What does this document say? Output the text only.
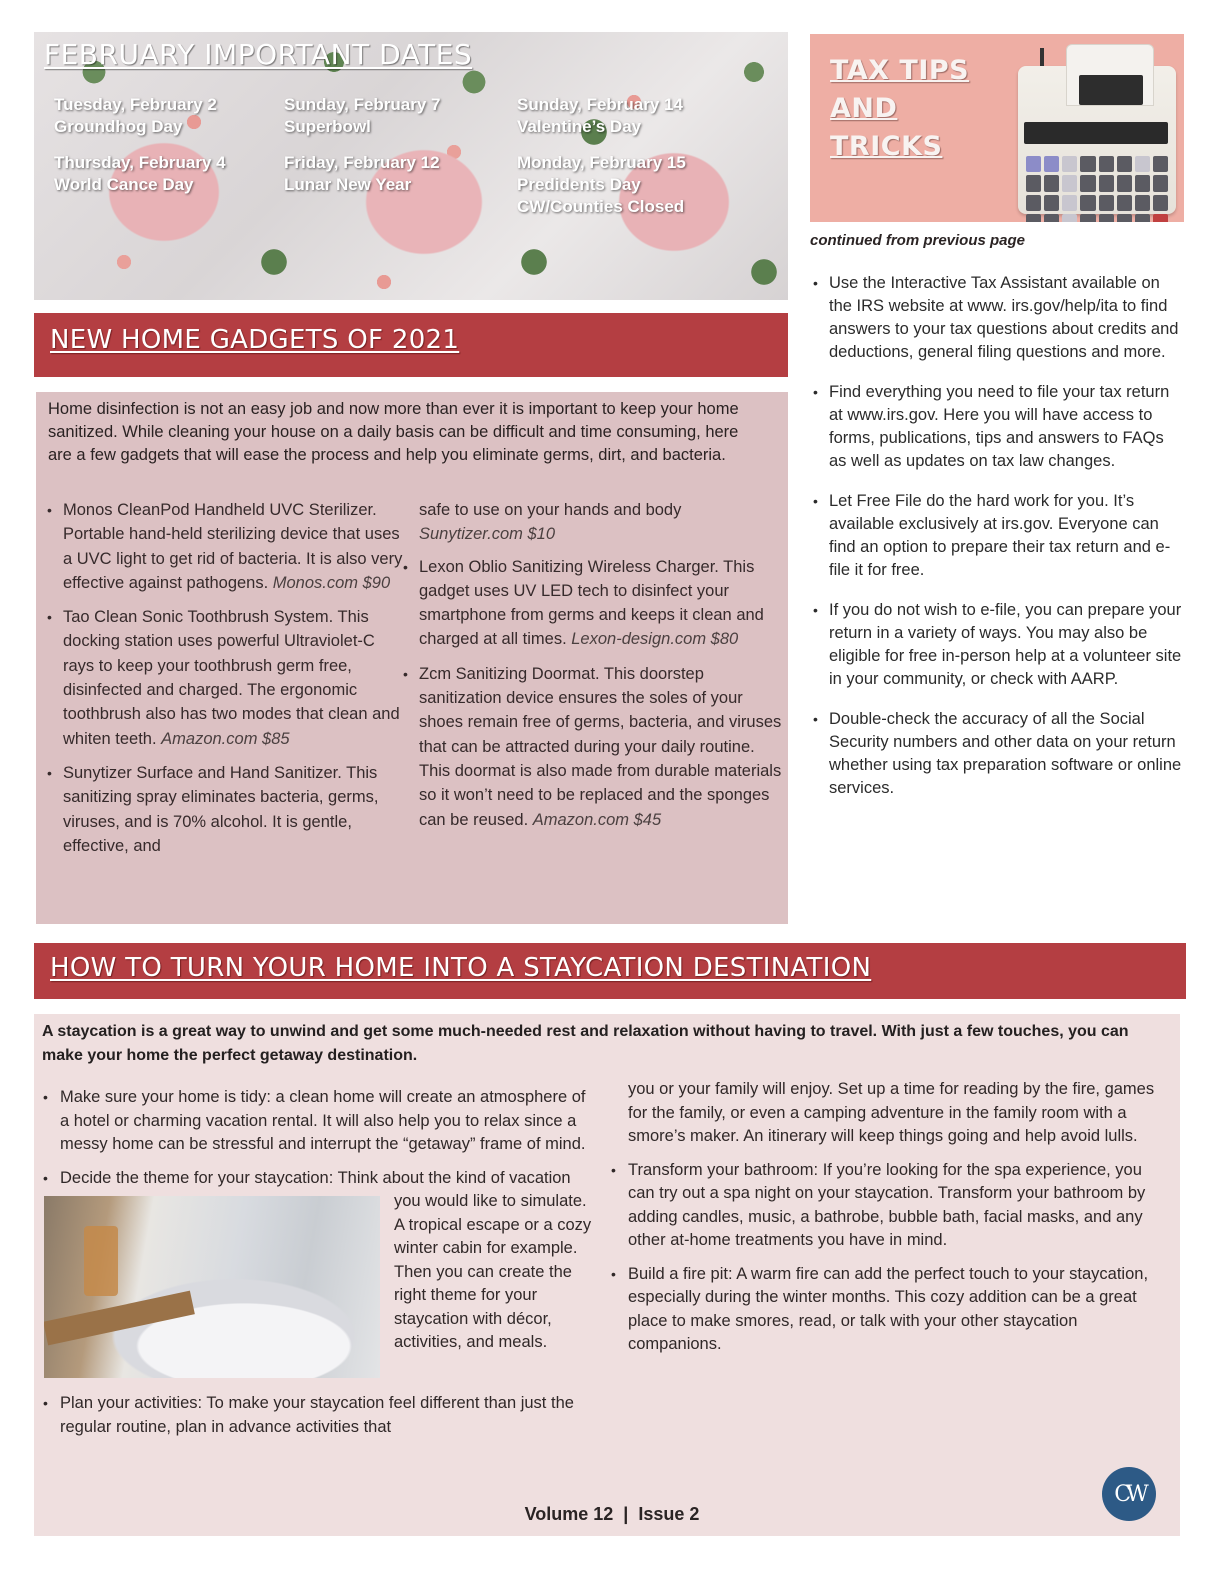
FEBRUARY IMPORTANT DATES
Tuesday, February 2
Groundhog Day
Sunday, February 7
Superbowl
Sunday, February 14
Valentine’s Day
Thursday, February 4
World Cance Day
Friday, February 12
Lunar New Year
Monday, February 15
Predidents Day
CW/Counties Closed
TAX TIPS
AND
TRICKS
continued from previous page
• Use the Interactive Tax Assistant available on the IRS website at www. irs.gov/help/ita to find answers to your tax questions about credits and deductions, general filing questions and more.
• Find everything you need to file your tax return at www.irs.gov. Here you will have access to forms, publications, tips and answers to FAQs as well as updates on tax law changes.
• Let Free File do the hard work for you. It’s available exclusively at irs.gov. Everyone can find an option to prepare their tax return and e-file it for free.
• If you do not wish to e-file, you can prepare your return in a variety of ways. You may also be eligible for free in-person help at a volunteer site in your community, or check with AARP.
• Double-check the accuracy of all the Social Security numbers and other data on your return whether using tax preparation software or online services.
NEW HOME GADGETS OF 2021

Home disinfection is not an easy job and now more than ever it is important to keep your home sanitized. While cleaning your house on a daily basis can be difficult and time consuming, here are a few gadgets that will ease the process and help you eliminate germs, dirt, and bacteria.

• Monos CleanPod Handheld UVC Sterilizer. Portable hand-held sterilizing device that uses a UVC light to get rid of bacteria. It is also very effective against pathogens. Monos.com $90
• Tao Clean Sonic Toothbrush System. This docking station uses powerful Ultraviolet-C rays to keep your toothbrush germ free, disinfected and charged. The ergonomic toothbrush also has two modes that clean and whiten teeth. Amazon.com $85
• Sunytizer Surface and Hand Sanitizer. This sanitizing spray eliminates bacteria, germs, viruses, and is 70% alcohol. It is gentle, effective, and
safe to use on your hands and body
Sunytizer.com $10
• Lexon Oblio Sanitizing Wireless Charger. This gadget uses UV LED tech to disinfect your smartphone from germs and keeps it clean and charged at all times. Lexon-design.com $80
• Zcm Sanitizing Doormat. This doorstep sanitization device ensures the soles of your shoes remain free of germs, bacteria, and viruses that can be attracted during your daily routine. This doormat is also made from durable materials so it won’t need to be replaced and the sponges can be reused. Amazon.com $45
HOW TO TURN YOUR HOME INTO A STAYCATION DESTINATION

A staycation is a great way to unwind and get some much-needed rest and relaxation without having to travel. With just a few touches, you can make your home the perfect getaway destination.

• Make sure your home is tidy: a clean home will create an atmosphere of a hotel or charming vacation rental. It will also help you to relax since a messy home can be stressful and interrupt the “getaway” frame of mind.
• Decide the theme for your staycation: Think about the kind of vacation you would like to simulate. A tropical escape or a cozy winter cabin for example. Then you can create the right theme for your staycation with décor, activities, and meals.
• Plan your activities: To make your staycation feel different than just the regular routine, plan in advance activities that
you or your family will enjoy. Set up a time for reading by the fire, games for the family, or even a camping adventure in the family room with a smore’s maker. An itinerary will keep things going and help avoid lulls.
• Transform your bathroom: If you’re looking for the spa experience, you can try out a spa night on your staycation. Transform your bathroom by adding candles, music, a bathrobe, bubble bath, facial masks, and any other at-home treatments you have in mind.
• Build a fire pit: A warm fire can add the perfect touch to your staycation, especially during the winter months. This cozy addition can be a great place to make smores, read, or talk with your other staycation companions.
Volume 12  |  Issue 2
CW
